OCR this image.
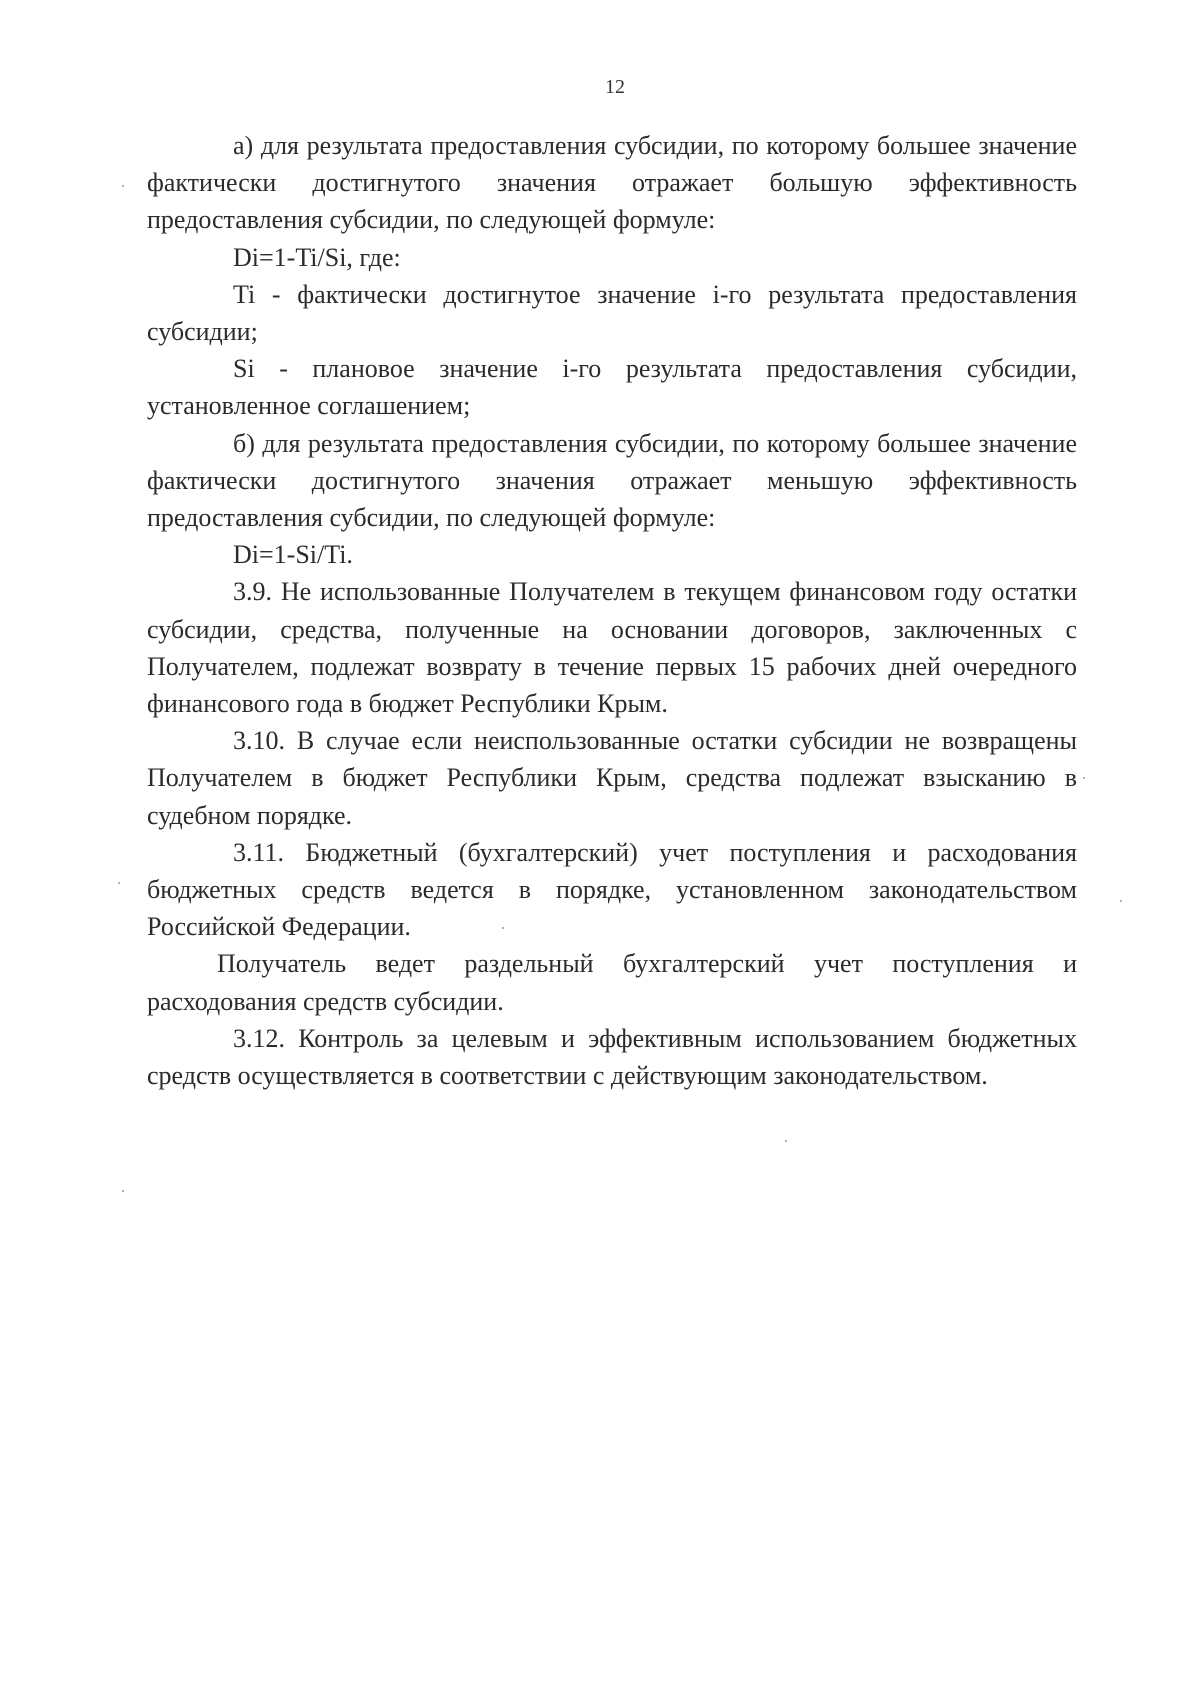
12

а) для результата предоставления субсидии, по которому большее значение фактически достигнутого значения отражает большую эффективность предоставления субсидии, по следующей формуле:

Di=1-Ti/Si, где:

Ti - фактически достигнутое значение i-го результата предоставления субсидии;

Si - плановое значение i-го результата предоставления субсидии, установленное соглашением;

б) для результата предоставления субсидии, по которому большее значение фактически достигнутого значения отражает меньшую эффективность предоставления субсидии, по следующей формуле:

Di=1-Si/Ti.

3.9. Не использованные Получателем в текущем финансовом году остатки субсидии, средства, полученные на основании договоров, заключенных с Получателем, подлежат возврату в течение первых 15 рабочих дней очередного финансового года в бюджет Республики Крым.

3.10. В случае если неиспользованные остатки субсидии не возвращены Получателем в бюджет Республики Крым, средства подлежат взысканию в судебном порядке.

3.11. Бюджетный (бухгалтерский) учет поступления и расходования бюджетных средств ведется в порядке, установленном законодательством Российской Федерации.

Получатель ведет раздельный бухгалтерский учет поступления и расходования средств субсидии.

3.12. Контроль за целевым и эффективным использованием бюджетных средств осуществляется в соответствии с действующим законодательством.
